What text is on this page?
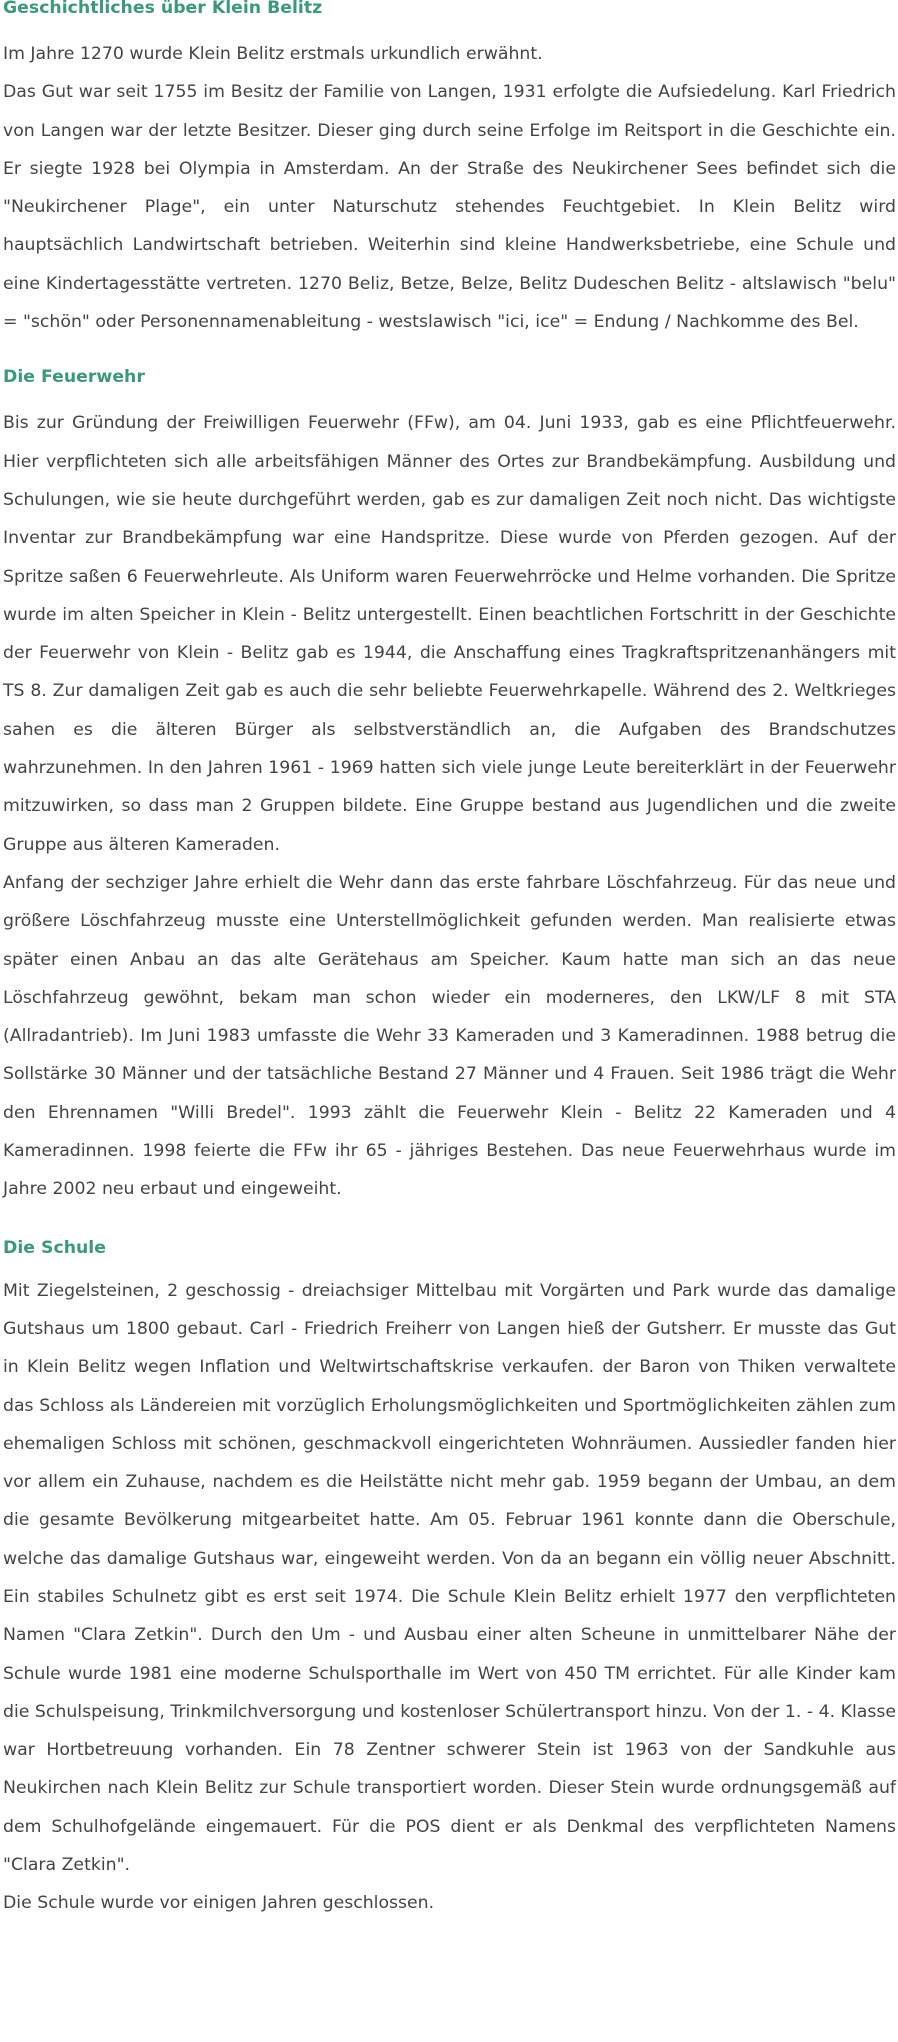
Geschichtliches über Klein Belitz

Im Jahre 1270 wurde Klein Belitz erstmals urkundlich erwähnt.

Das Gut war seit 1755 im Besitz der Familie von Langen, 1931 erfolgte die Aufsiedelung. Karl Friedrich von Langen war der letzte Besitzer. Dieser ging durch seine Erfolge im Reitsport in die Geschichte ein. Er siegte 1928 bei Olympia in Amsterdam. An der Straße des Neukirchener Sees befindet sich die "Neukirchener Plage", ein unter Naturschutz stehendes Feuchtgebiet. In Klein Belitz wird hauptsächlich Landwirtschaft betrieben. Weiterhin sind kleine Handwerksbetriebe, eine Schule und eine Kindertagesstätte vertreten. 1270 Beliz, Betze, Belze, Belitz Dudeschen Belitz - altslawisch "belu" = "schön" oder Personennamenableitung - westslawisch "ici, ice" = Endung / Nachkomme des Bel.

Die Feuerwehr

Bis zur Gründung der Freiwilligen Feuerwehr (FFw), am 04. Juni 1933, gab es eine Pflichtfeuerwehr. Hier verpflichteten sich alle arbeitsfähigen Männer des Ortes zur Brandbekämpfung. Ausbildung und Schulungen, wie sie heute durchgeführt werden, gab es zur damaligen Zeit noch nicht. Das wichtigste Inventar zur Brandbekämpfung war eine Handspritze. Diese wurde von Pferden gezogen. Auf der Spritze saßen 6 Feuerwehrleute. Als Uniform waren Feuerwehrröcke und Helme vorhanden. Die Spritze wurde im alten Speicher in Klein - Belitz untergestellt. Einen beachtlichen Fortschritt in der Geschichte der Feuerwehr von Klein - Belitz gab es 1944, die Anschaffung eines Tragkraftspritzenanhängers mit TS 8. Zur damaligen Zeit gab es auch die sehr beliebte Feuerwehrkapelle. Während des 2. Weltkrieges sahen es die älteren Bürger als selbstverständlich an, die Aufgaben des Brandschutzes wahrzunehmen. In den Jahren 1961 - 1969 hatten sich viele junge Leute bereiterklärt in der Feuerwehr mitzuwirken, so dass man 2 Gruppen bildete. Eine Gruppe bestand aus Jugendlichen und die zweite Gruppe aus älteren Kameraden.

Anfang der sechziger Jahre erhielt die Wehr dann das erste fahrbare Löschfahrzeug. Für das neue und größere Löschfahrzeug musste eine Unterstellmöglichkeit gefunden werden. Man realisierte etwas später einen Anbau an das alte Gerätehaus am Speicher. Kaum hatte man sich an das neue Löschfahrzeug gewöhnt, bekam man schon wieder ein moderneres, den LKW/LF 8 mit STA (Allradantrieb). Im Juni 1983 umfasste die Wehr 33 Kameraden und 3 Kameradinnen. 1988 betrug die Sollstärke 30 Männer und der tatsächliche Bestand 27 Männer und 4 Frauen. Seit 1986 trägt die Wehr den Ehrennamen "Willi Bredel". 1993 zählt die Feuerwehr Klein - Belitz 22 Kameraden und 4 Kameradinnen. 1998 feierte die FFw ihr 65 - jähriges Bestehen. Das neue Feuerwehrhaus wurde im Jahre 2002 neu erbaut und eingeweiht.

Die Schule

Mit Ziegelsteinen, 2 geschossig - dreiachsiger Mittelbau mit Vorgärten und Park wurde das damalige Gutshaus um 1800 gebaut. Carl - Friedrich Freiherr von Langen hieß der Gutsherr. Er musste das Gut in Klein Belitz wegen Inflation und Weltwirtschaftskrise verkaufen. der Baron von Thiken verwaltete das Schloss als Ländereien mit vorzüglich Erholungsmöglichkeiten und Sportmöglichkeiten zählen zum ehemaligen Schloss mit schönen, geschmackvoll eingerichteten Wohnräumen. Aussiedler fanden hier vor allem ein Zuhause, nachdem es die Heilstätte nicht mehr gab. 1959 begann der Umbau, an dem die gesamte Bevölkerung mitgearbeitet hatte. Am 05. Februar 1961 konnte dann die Oberschule, welche das damalige Gutshaus war, eingeweiht werden. Von da an begann ein völlig neuer Abschnitt. Ein stabiles Schulnetz gibt es erst seit 1974. Die Schule Klein Belitz erhielt 1977 den verpflichteten Namen "Clara Zetkin". Durch den Um - und Ausbau einer alten Scheune in unmittelbarer Nähe der Schule wurde 1981 eine moderne Schulsporthalle im Wert von 450 TM errichtet. Für alle Kinder kam die Schulspeisung, Trinkmilchversorgung und kostenloser Schülertransport hinzu. Von der 1. - 4. Klasse war Hortbetreuung vorhanden. Ein 78 Zentner schwerer Stein ist 1963 von der Sandkuhle aus Neukirchen nach Klein Belitz zur Schule transportiert worden. Dieser Stein wurde ordnungsgemäß auf dem Schulhofgelände eingemauert. Für die POS dient er als Denkmal des verpflichteten Namens "Clara Zetkin".

Die Schule wurde vor einigen Jahren geschlossen.
